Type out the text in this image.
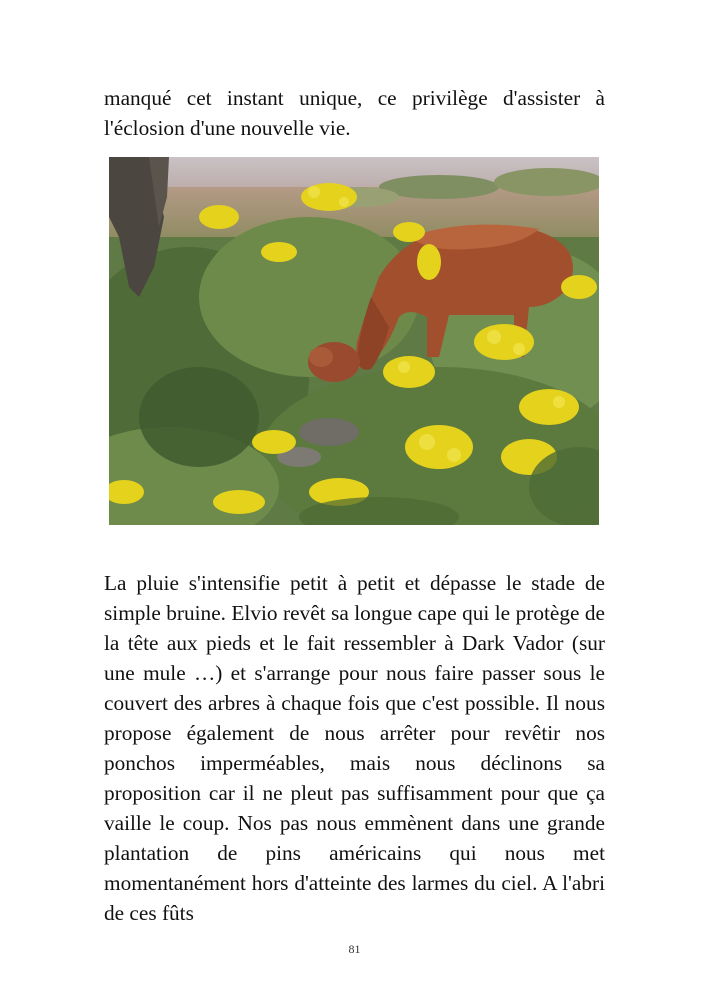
manqué cet instant unique, ce privilège d'assister à l'éclosion d'une nouvelle vie.

La pluie s'intensifie petit à petit et dépasse le stade de simple bruine. Elvio revêt sa longue cape qui le protège de la tête aux pieds et le fait ressembler à Dark Vador (sur une mule …) et s'arrange pour nous faire passer sous le couvert des arbres à chaque fois que c'est possible. Il nous propose également de nous arrêter pour revêtir nos ponchos imperméables, mais nous déclinons sa proposition car il ne pleut pas suffisamment pour que ça vaille le coup. Nos pas nous emmènent dans une grande plantation de pins américains qui nous met momentanément hors d'atteinte des larmes du ciel. A l'abri de ces fûts

81
